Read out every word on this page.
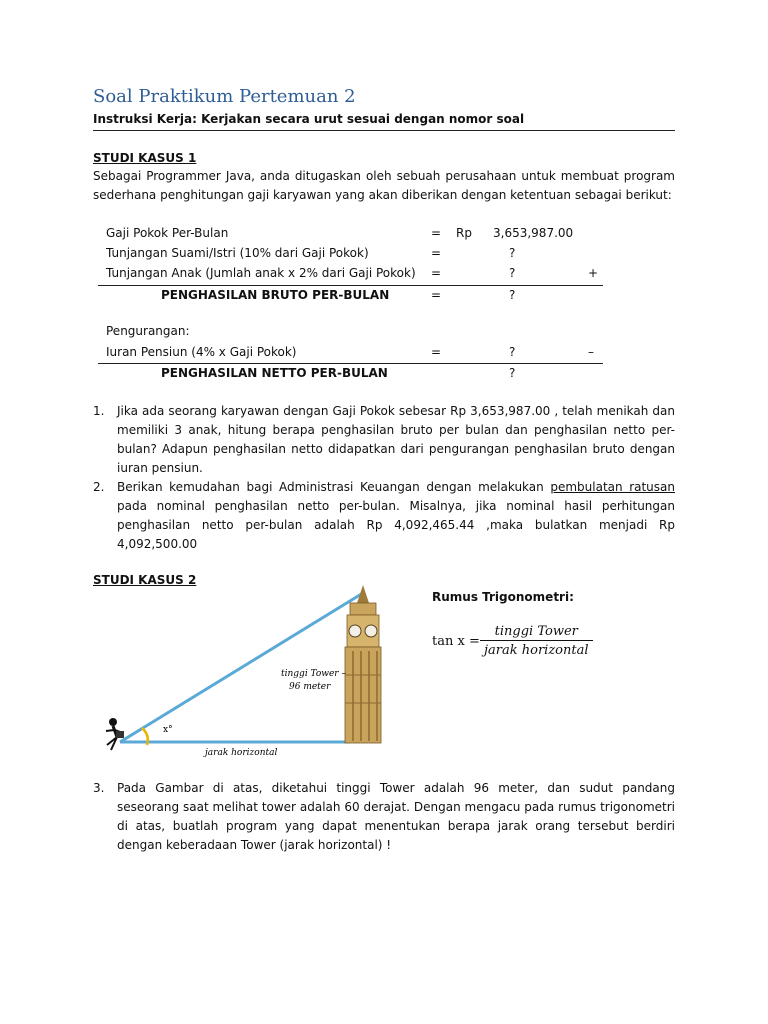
Soal Praktikum Pertemuan 2
Instruksi Kerja: Kerjakan secara urut sesuai dengan nomor soal
STUDI KASUS 1

Sebagai Programmer Java, anda ditugaskan oleh sebuah perusahaan untuk membuat program sederhana penghitungan gaji karyawan yang akan diberikan dengan ketentuan sebagai berikut:

Gaji Pokok Per-Bulan	= Rp 3,653,987.00
Tunjangan Suami/Istri (10% dari Gaji Pokok)	=	?
Tunjangan Anak (Jumlah anak x 2% dari Gaji Pokok) =	?	+
PENGHASILAN BRUTO PER-BULAN	=	?
Pengurangan:
Iuran Pensiun (4% x Gaji Pokok)	=	?	–
PENGHASILAN NETTO PER-BULAN	?
1. Jika ada seorang karyawan dengan Gaji Pokok sebesar Rp 3,653,987.00 , telah menikah dan memiliki 3 anak, hitung berapa penghasilan bruto per bulan dan penghasilan netto per-bulan? Adapun penghasilan netto didapatkan dari pengurangan penghasilan bruto dengan iuran pensiun.
2. Berikan kemudahan bagi Administrasi Keuangan dengan melakukan pembulatan ratusan pada nominal penghasilan netto per-bulan. Misalnya, jika nominal hasil perhitungan penghasilan netto per-bulan adalah Rp 4,092,465.44 ,maka bulatkan menjadi Rp 4,092,500.00
STUDI KASUS 2
tinggi Tower –
96 meter
x°
jarak horizontal
Rumus Trigonometri:
tan x =
tinggi Tower
jarak horizontal
3. Pada Gambar di atas, diketahui tinggi Tower adalah 96 meter, dan sudut pandang seseorang saat melihat tower adalah 60 derajat. Dengan mengacu pada rumus trigonometri di atas, buatlah program yang dapat menentukan berapa jarak orang tersebut berdiri dengan keberadaan Tower (jarak horizontal) !
